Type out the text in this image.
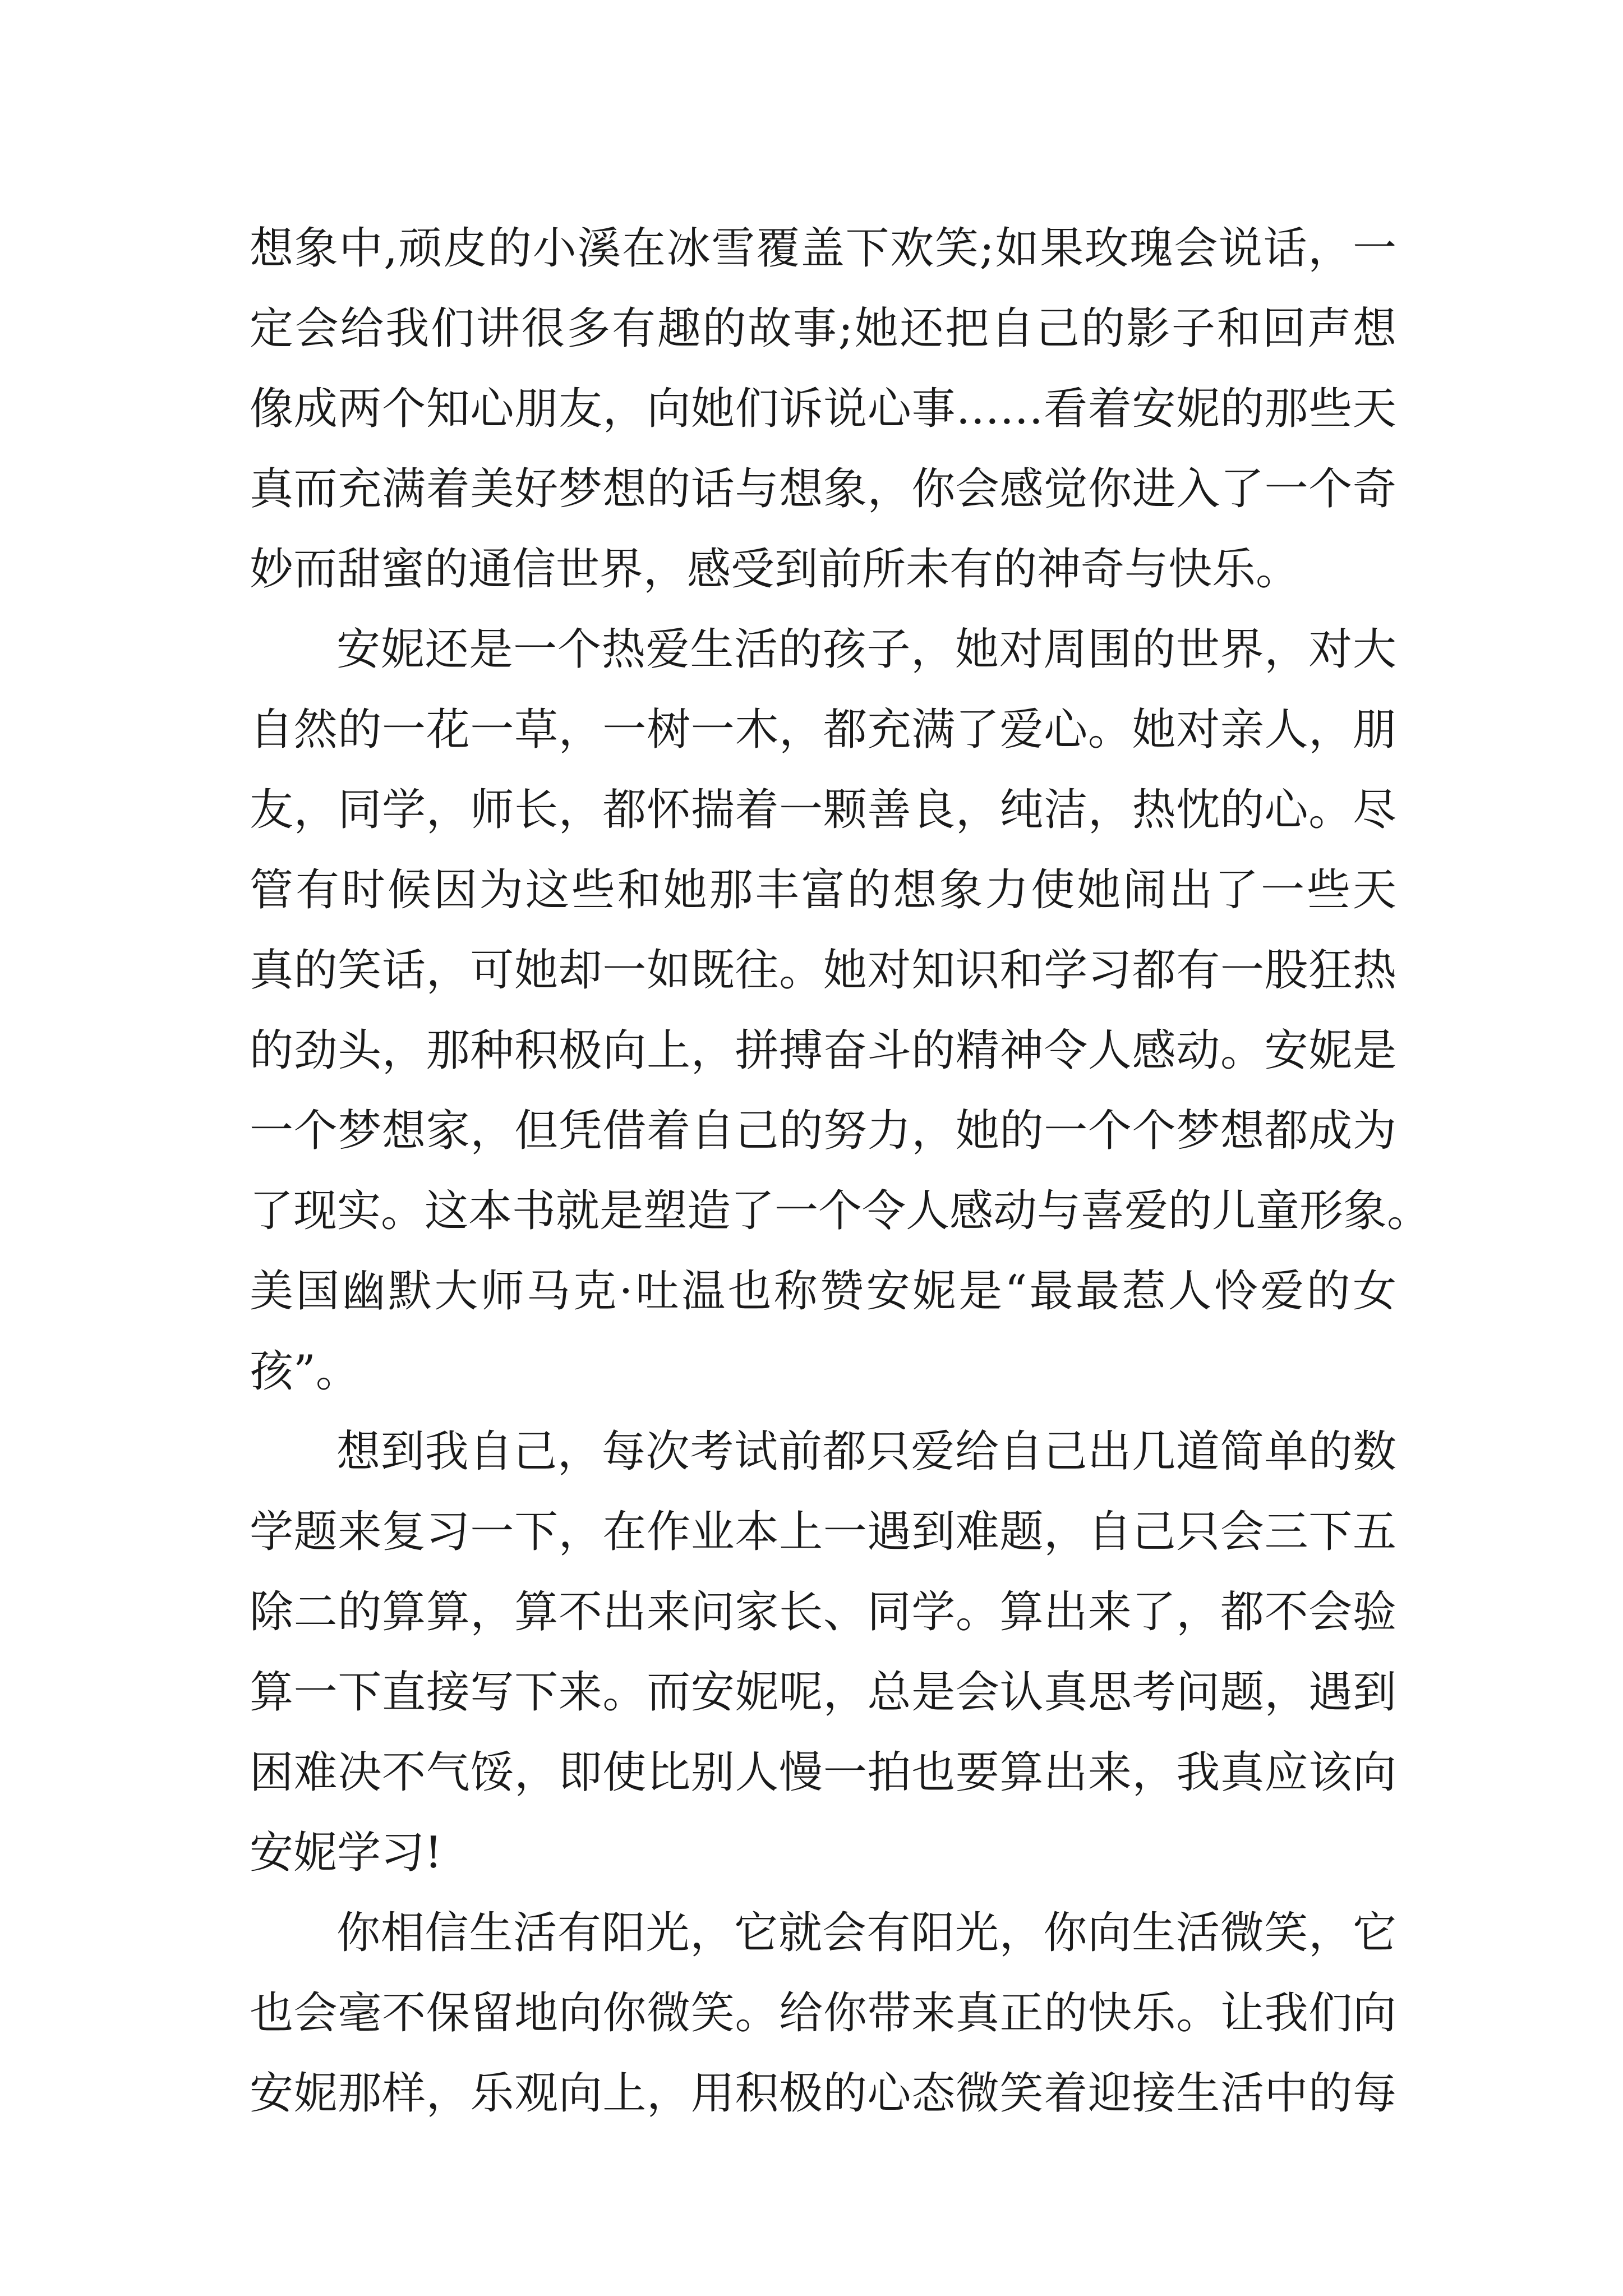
想象中,顽皮的小溪在冰雪覆盖下欢笑;如果玫瑰会说话，一
定会给我们讲很多有趣的故事;她还把自己的影子和回声想
像成两个知心朋友，向她们诉说心事……看着安妮的那些天
真而充满着美好梦想的话与想象，你会感觉你进入了一个奇
妙而甜蜜的通信世界，感受到前所未有的神奇与快乐。
安妮还是一个热爱生活的孩子，她对周围的世界，对大
自然的一花一草，一树一木，都充满了爱心。她对亲人，朋
友，同学，师长，都怀揣着一颗善良，纯洁，热忱的心。尽
管有时候因为这些和她那丰富的想象力使她闹出了一些天
真的笑话，可她却一如既往。她对知识和学习都有一股狂热
的劲头，那种积极向上，拼搏奋斗的精神令人感动。安妮是
一个梦想家，但凭借着自己的努力，她的一个个梦想都成为
了现实。这本书就是塑造了一个令人感动与喜爱的儿童形象。
美国幽默大师马克·吐温也称赞安妮是“最最惹人怜爱的女
孩”。
想到我自己，每次考试前都只爱给自己出几道简单的数
学题来复习一下，在作业本上一遇到难题，自己只会三下五
除二的算算，算不出来问家长、同学。算出来了，都不会验
算一下直接写下来。而安妮呢，总是会认真思考问题，遇到
困难决不气馁，即使比别人慢一拍也要算出来，我真应该向
安妮学习!
你相信生活有阳光，它就会有阳光，你向生活微笑，它
也会毫不保留地向你微笑。给你带来真正的快乐。让我们向
安妮那样，乐观向上，用积极的心态微笑着迎接生活中的每
